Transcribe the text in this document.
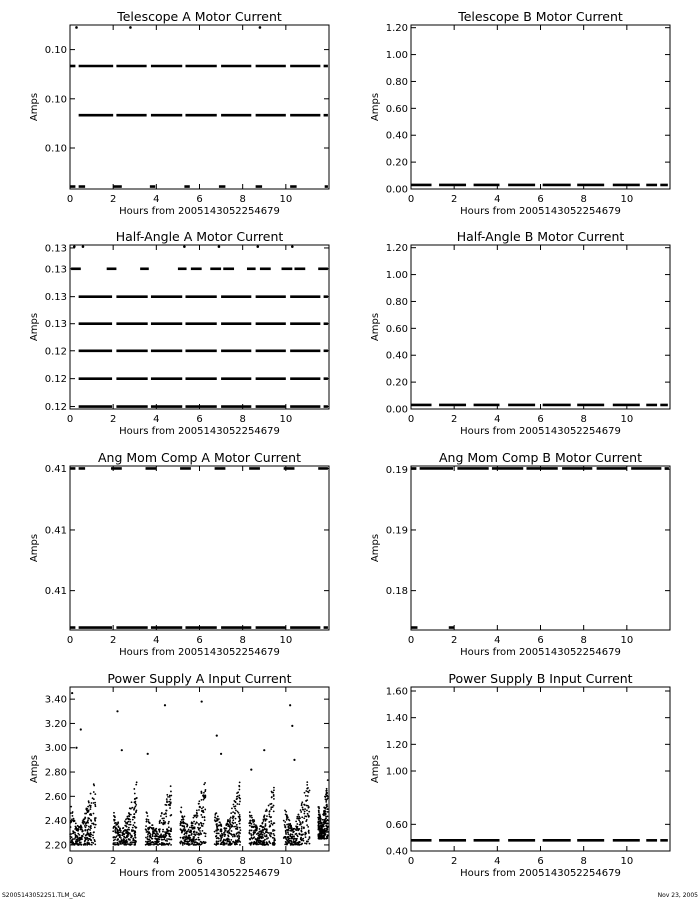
Telescope A Motor Current
0	2	4	6	8	10
0.10
0.10
0.10
Hours from 2005143052254679
Amps
Telescope B Motor Current
0	2	4	6	8	10
0.00
0.20
0.40
0.60
0.80
1.00
1.20
Hours from 2005143052254679
Amps
Half-Angle A Motor Current
0	2	4	6	8	10
0.12
0.12
0.12
0.13
0.13
0.13
0.13
Hours from 2005143052254679
Amps
Half-Angle B Motor Current
0	2	4	6	8	10
0.00
0.20
0.40
0.60
0.80
1.00
1.20
Hours from 2005143052254679
Amps
Ang Mom Comp A Motor Current
0	2	4	6	8	10
0.41
0.41
0.41
Hours from 2005143052254679
Amps
Ang Mom Comp B Motor Current
0	2	4	6	8	10
0.18
0.19
0.19
Hours from 2005143052254679
Amps
Power Supply A Input Current
0	2	4	6	8	10
2.20
2.40
2.60
2.80
3.00
3.20
3.40
Hours from 2005143052254679
Amps
Power Supply B Input Current
0	2	4	6	8	10
0.40
0.60
1.00
1.20
1.40
1.60
Hours from 2005143052254679
Amps
S2005143052251.TLM_GAC	Nov 23, 2005
